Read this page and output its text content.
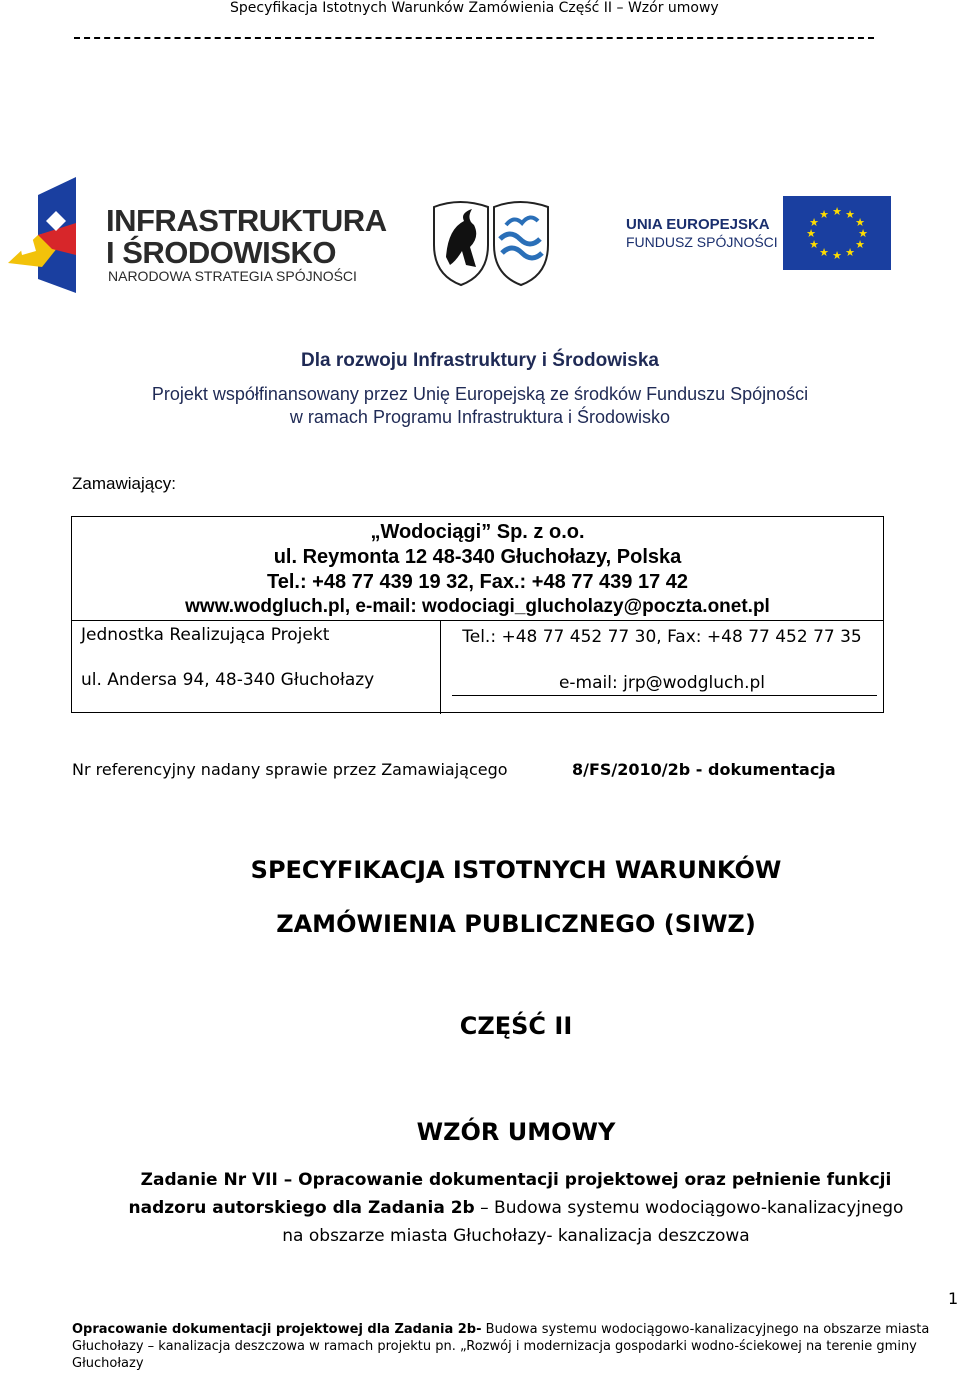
Specyfikacja Istotnych Warunków Zamówienia Część II – Wzór umowy
INFRASTRUKTURA
I ŚRODOWISKO
NARODOWA STRATEGIA SPÓJNOŚCI
UNIA EUROPEJSKA
FUNDUSZ SPÓJNOŚCI
★ ★
★
★
★
★
★
★
★
★
★
★
Dla rozwoju Infrastruktury i Środowiska
Projekt współfinansowany przez Unię Europejską ze środków Funduszu Spójności
w ramach Programu Infrastruktura i Środowisko
Zamawiający:
„Wodociągi” Sp. z o.o.
ul. Reymonta 12 48-340 Głuchołazy, Polska
Tel.: +48 77 439 19 32, Fax.: +48 77 439 17 42
www.wodgluch.pl, e-mail: wodociagi_glucholazy@poczta.onet.pl
Jednostka Realizująca Projekt
ul. Andersa 94, 48-340 Głuchołazy
Tel.: +48 77 452 77 30, Fax: +48 77 452 77 35
e-mail: jrp@wodgluch.pl
Nr referencyjny nadany sprawie przez Zamawiającego	8/FS/2010/2b - dokumentacja
SPECYFIKACJA ISTOTNYCH WARUNKÓW
ZAMÓWIENIA PUBLICZNEGO (SIWZ)
CZĘŚĆ II
WZÓR UMOWY
Zadanie Nr VII – Opracowanie dokumentacji projektowej oraz pełnienie funkcji
nadzoru autorskiego dla Zadania 2b – Budowa systemu wodociągowo-kanalizacyjnego
na obszarze miasta Głuchołazy- kanalizacja deszczowa
1
Opracowanie dokumentacji projektowej dla Zadania 2b- Budowa systemu wodociągowo-kanalizacyjnego na obszarze miasta Głuchołazy – kanalizacja deszczowa w ramach projektu pn. „Rozwój i modernizacja gospodarki wodno-ściekowej na terenie gminy Głuchołazy
